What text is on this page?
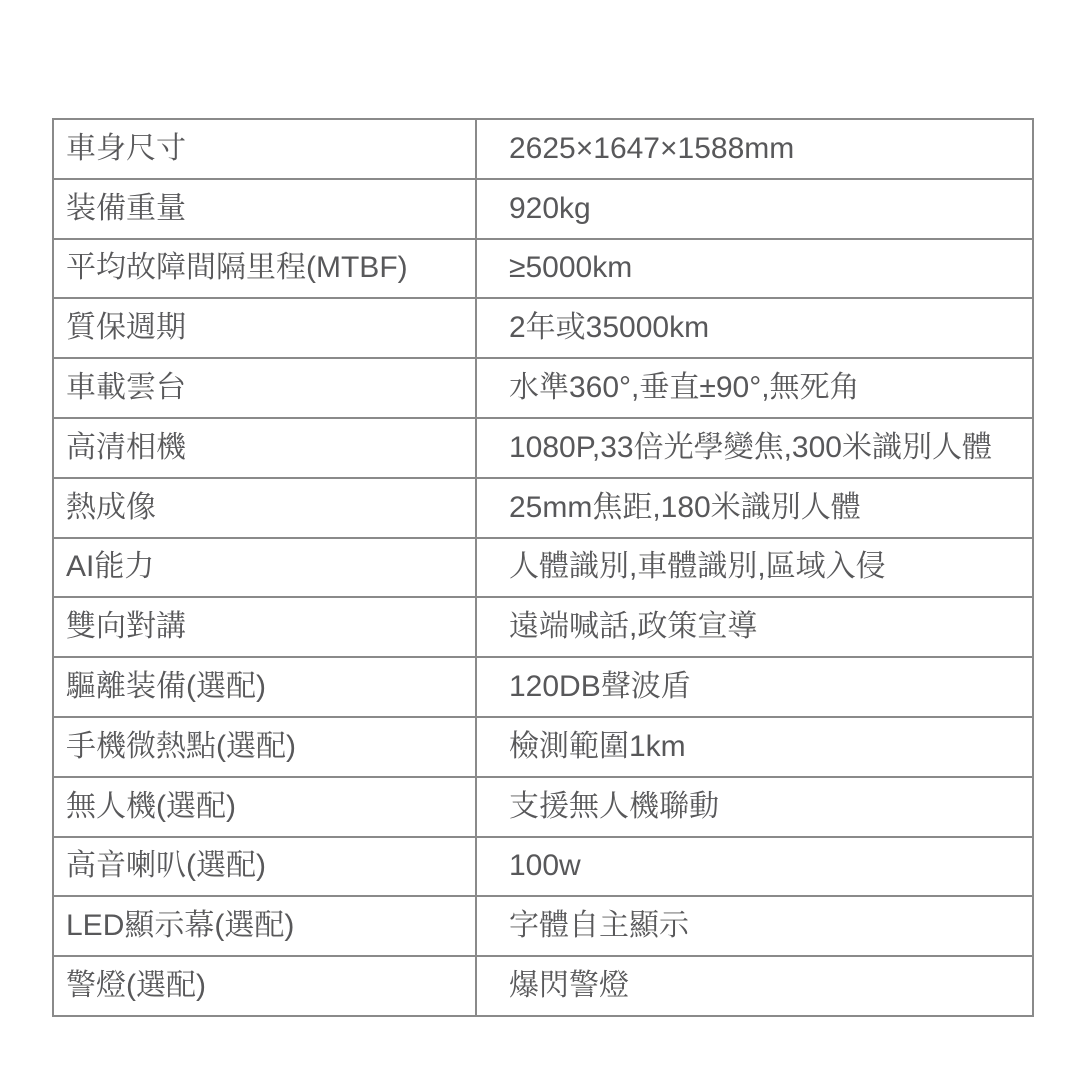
車身尺寸	2625×1647×1588mm
装備重量	920kg
平均故障間隔里程(MTBF)	≥5000km
質保週期	2年或35000km
車載雲台	水準360°,垂直±90°,無死角
高清相機	1080P,33倍光學變焦,300米識別人體
熱成像	25mm焦距,180米識別人體
AI能力	人體識別,車體識別,區域入侵
雙向對講	遠端喊話,政策宣導
驅離装備(選配)	120DB聲波盾
手機微熱點(選配)	檢測範圍1km
無人機(選配)	支援無人機聯動
高音喇叭(選配)	100w
LED顯示幕(選配)	字體自主顯示
警燈(選配)	爆閃警燈
